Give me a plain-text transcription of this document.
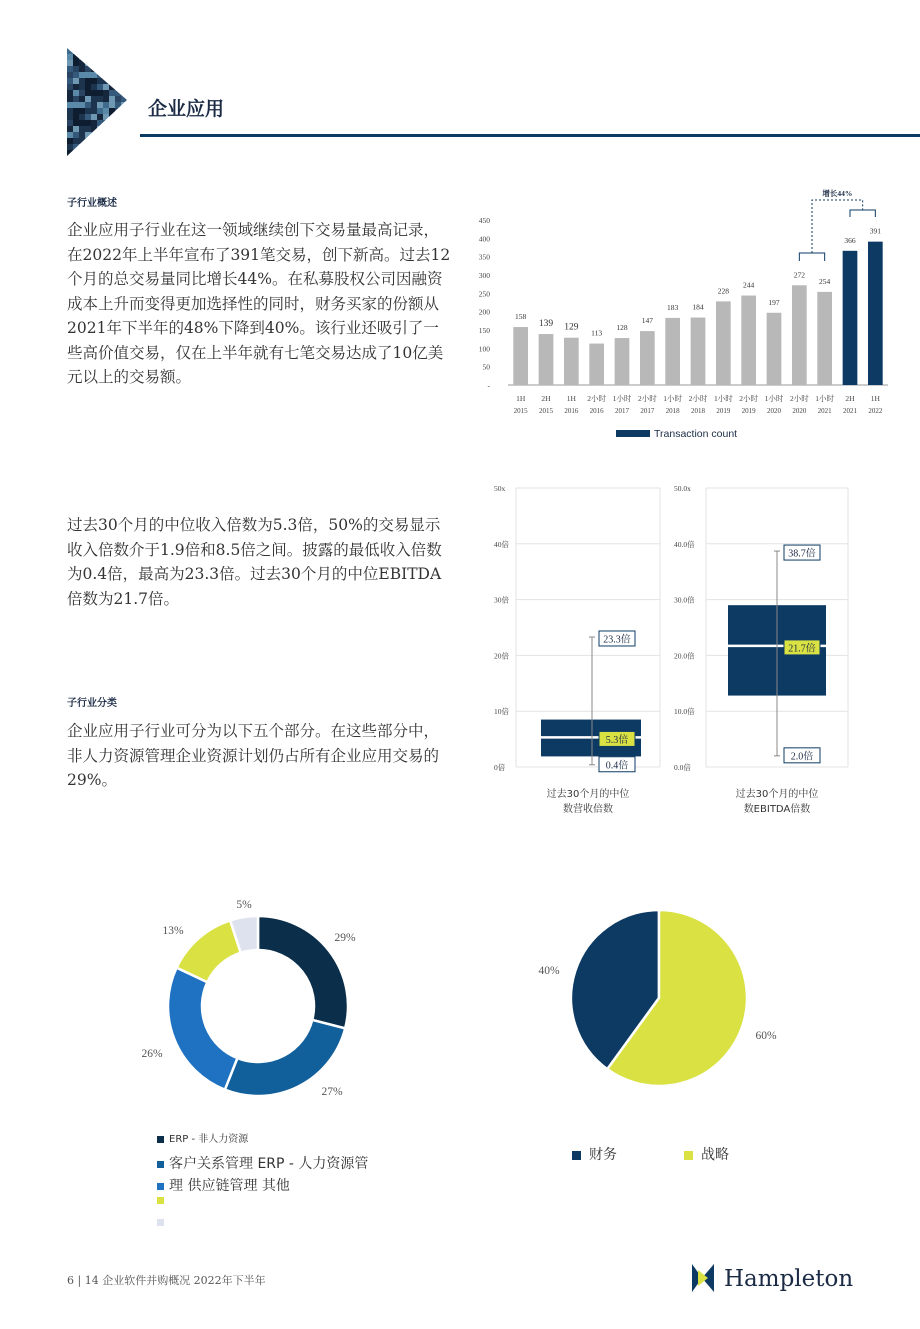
企业应用
子行业概述
企业应用子行业在这一领域继续创下交易量最高记录，在2022年上半年宣布了391笔交易，创下新高。过去12个月的总交易量同比增长44%。在私募股权公司因融资成本上升而变得更加选择性的同时，财务买家的份额从2021年下半年的48%下降到40%。该行业还吸引了一些高价值交易，仅在上半年就有七笔交易达成了10亿美元以上的交易额。
450
400
350
300
250
200
150
100
50
-
158
1H
2015
139
2H
2015
129
1H
2016
113
2小时
2016
128
1小时
2017
147
2小时
2017
183
1小时
2018
184
2小时
2018
228
1小时
2019
244
2小时
2019
197
1小时
2020
272
2小时
2020
254
1小时
2021
366
2H
2021
391
1H
2022
增长44%
Transaction count
过去30个月的中位收入倍数为5.3倍，50%的交易显示收入倍数介于1.9倍和8.5倍之间。披露的最低收入倍数为0.4倍，最高为23.3倍。过去30个月的中位EBITDA倍数为21.7倍。
50x
40倍
30倍
20倍
10倍
0倍
23.3倍
5.3倍
0.4倍
过去30个月的中位
数营收倍数
50.0x
40.0倍
30.0倍
20.0倍
10.0倍
0.0倍
38.7倍
21.7倍
2.0倍
过去30个月的中位
数EBITDA倍数
子行业分类
企业应用子行业可分为以下五个部分。在这些部分中，非人力资源管理企业资源计划仍占所有企业应用交易的29%。
29%
27%
26%
13%
5%
ERP - 非人力资源
客户关系管理 ERP - 人力资源管
理 供应链管理 其他
40%
60%
财务	战略
6 | 14 企业软件并购概况 2022年下半年	Hampleton
